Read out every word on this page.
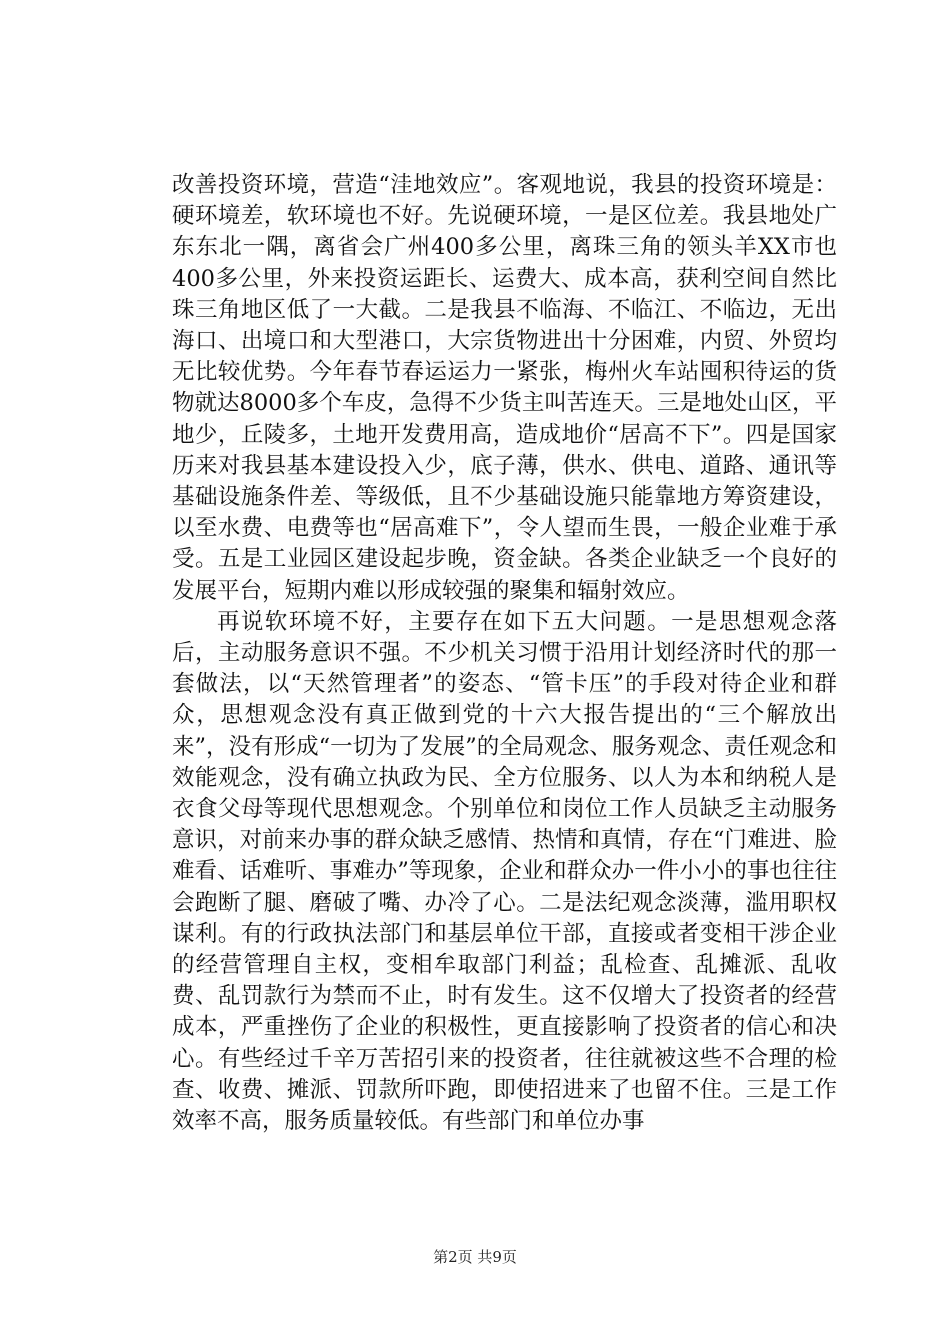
改善投资环境，营造“洼地效应”。客观地说，我县的投资环境是：硬环境差，软环境也不好。先说硬环境，一是区位差。我县地处广东东北一隅，离省会广州400多公里，离珠三角的领头羊XX市也400多公里，外来投资运距长、运费大、成本高，获利空间自然比珠三角地区低了一大截。二是我县不临海、不临江、不临边，无出海口、出境口和大型港口，大宗货物进出十分困难，内贸、外贸均无比较优势。今年春节春运运力一紧张，梅州火车站囤积待运的货物就达8000多个车皮，急得不少货主叫苦连天。三是地处山区，平地少，丘陵多，土地开发费用高，造成地价“居高不下”。四是国家历来对我县基本建设投入少，底子薄，供水、供电、道路、通讯等基础设施条件差、等级低，且不少基础设施只能靠地方筹资建设，以至水费、电费等也“居高难下”，令人望而生畏，一般企业难于承受。五是工业园区建设起步晚，资金缺。各类企业缺乏一个良好的发展平台，短期内难以形成较强的聚集和辐射效应。

再说软环境不好，主要存在如下五大问题。一是思想观念落后，主动服务意识不强。不少机关习惯于沿用计划经济时代的那一套做法，以“天然管理者”的姿态、“管卡压”的手段对待企业和群众，思想观念没有真正做到党的十六大报告提出的“三个解放出来”，没有形成“一切为了发展”的全局观念、服务观念、责任观念和效能观念，没有确立执政为民、全方位服务、以人为本和纳税人是衣食父母等现代思想观念。个别单位和岗位工作人员缺乏主动服务意识，对前来办事的群众缺乏感情、热情和真情，存在“门难进、脸难看、话难听、事难办”等现象，企业和群众办一件小小的事也往往会跑断了腿、磨破了嘴、办冷了心。二是法纪观念淡薄，滥用职权谋利。有的行政执法部门和基层单位干部，直接或者变相干涉企业的经营管理自主权，变相牟取部门利益；乱检查、乱摊派、乱收费、乱罚款行为禁而不止，时有发生。这不仅增大了投资者的经营成本，严重挫伤了企业的积极性，更直接影响了投资者的信心和决心。有些经过千辛万苦招引来的投资者，往往就被这些不合理的检查、收费、摊派、罚款所吓跑，即使招进来了也留不住。三是工作效率不高，服务质量较低。有些部门和单位办事

第2页 共9页
